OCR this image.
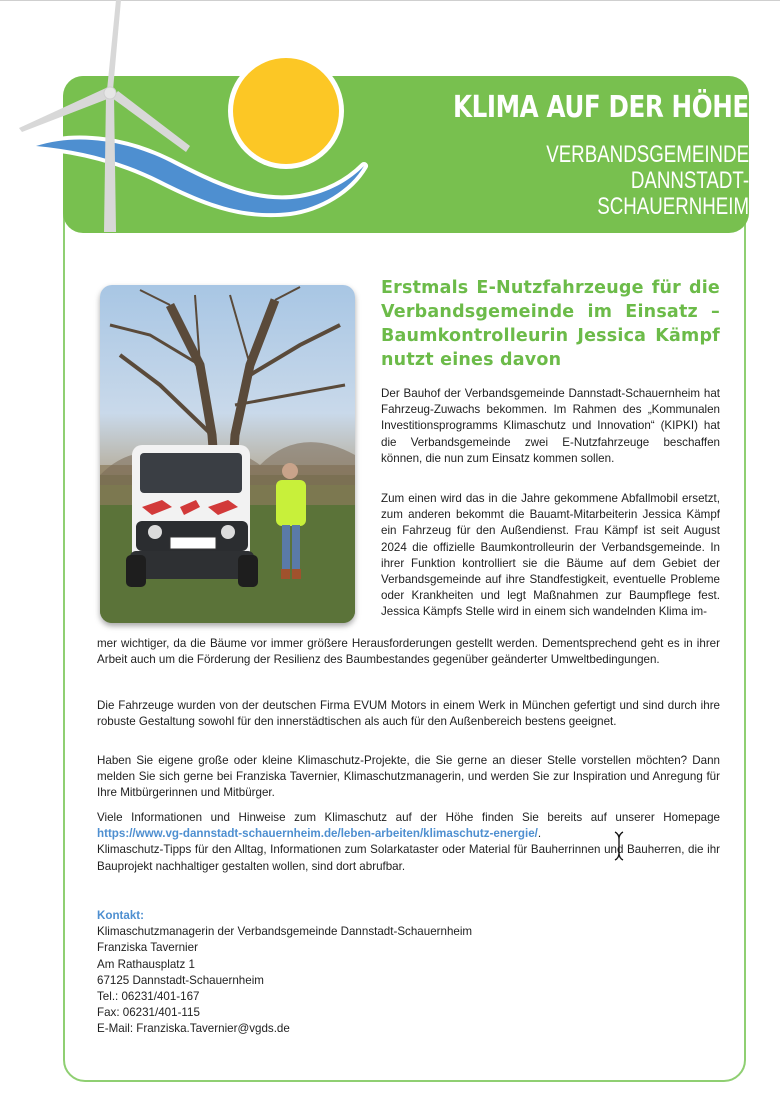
KLIMA AUF DER HÖHE
VERBANDSGEMEINDE
DANNSTADT-
SCHAUERNHEIM
Erstmals E-Nutzfahrzeuge für die Verbandsgemeinde im Einsatz – Baumkontrolleurin Jessica Kämpf nutzt eines davon
Der Bauhof der Verbandsgemeinde Dannstadt-Schauernheim hat Fahrzeug-Zuwachs bekommen. Im Rahmen des „Kommunalen Investitionsprogramms Klimaschutz und Innovation“ (KIPKI) hat die Verbandsgemeinde zwei E-Nutzfahrzeuge beschaffen können, die nun zum Einsatz kommen sollen.
Zum einen wird das in die Jahre gekommene Abfallmobil ersetzt, zum anderen bekommt die Bauamt-Mitarbeiterin Jessica Kämpf ein Fahrzeug für den Außendienst. Frau Kämpf ist seit August 2024 die offizielle Baumkontrolleurin der Verbandsgemeinde. In ihrer Funktion kontrolliert sie die Bäume auf dem Gebiet der Verbandsgemeinde auf ihre Standfestigkeit, eventuelle Probleme oder Krankheiten und legt Maßnahmen zur Baumpflege fest. Jessica Kämpfs Stelle wird in einem sich wandelnden Klima im-
mer wichtiger, da die Bäume vor immer größere Herausforderungen gestellt werden. Dementsprechend geht es in ihrer Arbeit auch um die Förderung der Resilienz des Baumbestandes gegenüber geänderter Umweltbedingungen.
Die Fahrzeuge wurden von der deutschen Firma EVUM Motors in einem Werk in München gefertigt und sind durch ihre robuste Gestaltung sowohl für den innerstädtischen als auch für den Außenbereich bestens geeignet.
Haben Sie eigene große oder kleine Klimaschutz-Projekte, die Sie gerne an dieser Stelle vorstellen möchten? Dann melden Sie sich gerne bei Franziska Tavernier, Klimaschutzmanagerin, und werden Sie zur Inspiration und Anregung für Ihre Mitbürgerinnen und Mitbürger.
Viele Informationen und Hinweise zum Klimaschutz auf der Höhe finden Sie bereits auf unserer Homepage https://www.vg-dannstadt-schauernheim.de/leben-arbeiten/klimaschutz-energie/.
Klimaschutz-Tipps für den Alltag, Informationen zum Solarkataster oder Material für Bauherrinnen und Bauherren, die ihr Bauprojekt nachhaltiger gestalten wollen, sind dort abrufbar.
Kontakt:
Klimaschutzmanagerin der Verbandsgemeinde Dannstadt-Schauernheim
Franziska Tavernier
Am Rathausplatz 1
67125 Dannstadt-Schauernheim
Tel.: 06231/401-167
Fax: 06231/401-115
E-Mail: Franziska.Tavernier@vgds.de
